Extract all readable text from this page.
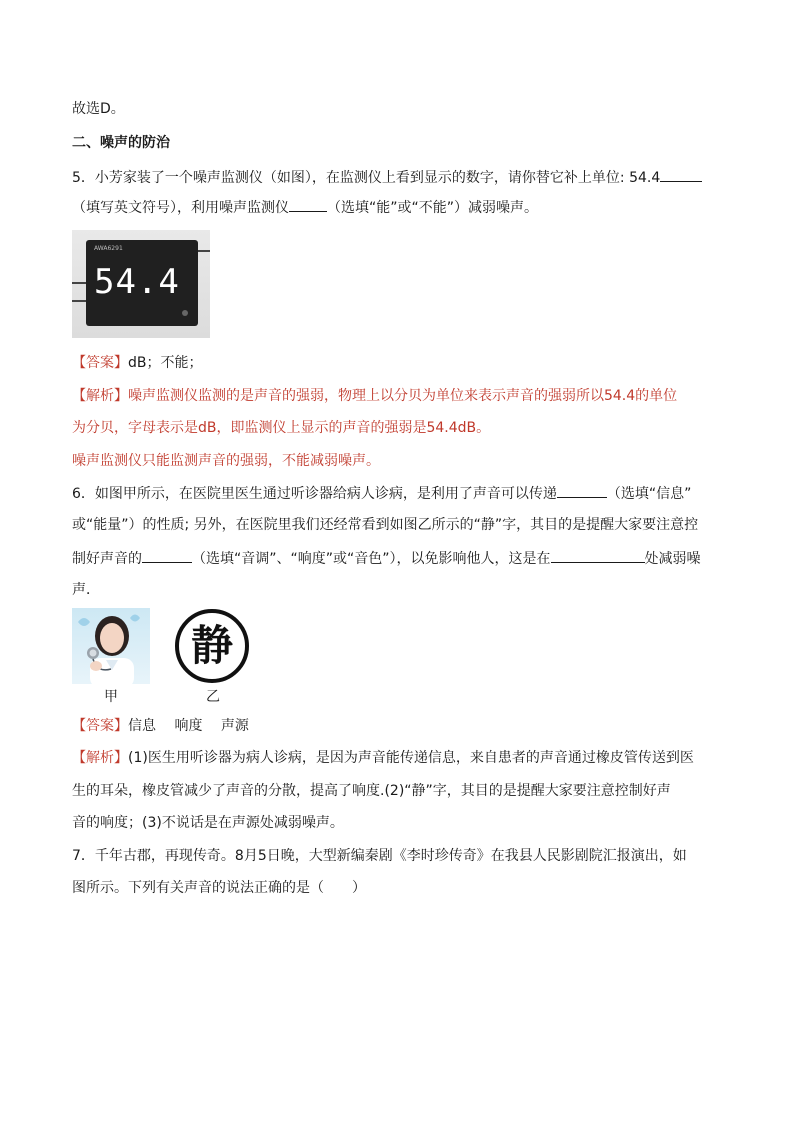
故选D。
二、噪声的防治
5．小芳家装了一个噪声监测仪（如图），在监测仪上看到显示的数字，请你替它补上单位: 54.4
（填写英文符号），利用噪声监测仪	（选填“能”或“不能”）减弱噪声。
AWA6291
54.4
【答案】dB；不能；
【解析】噪声监测仪监测的是声音的强弱，物理上以分贝为单位来表示声音的强弱所以54.4的单位
为分贝，字母表示是dB，即监测仪上显示的声音的强弱是54.4dB。
噪声监测仪只能监测声音的强弱，不能减弱噪声。
6．如图甲所示，在医院里医生通过听诊器给病人诊病，是利用了声音可以传递	（选填“信息”
或“能量”）的性质; 另外，在医院里我们还经常看到如图乙所示的“静”字，其目的是提醒大家要注意控
制好声音的	（选填“音调”、“响度”或“音色”），以免影响他人，这是在	处减弱噪
声．
甲
静
乙
【答案】信息　 响度　 声源
【解析】(1)医生用听诊器为病人诊病，是因为声音能传递信息，来自患者的声音通过橡皮管传送到医
生的耳朵，橡皮管减少了声音的分散，提高了响度.(2)“静”字，其目的是提醒大家要注意控制好声
音的响度；(3)不说话是在声源处减弱噪声。
7．千年古郡，再现传奇。8月5日晚，大型新编秦剧《李时珍传奇》在我县人民影剧院汇报演出，如
图所示。下列有关声音的说法正确的是（　　）
